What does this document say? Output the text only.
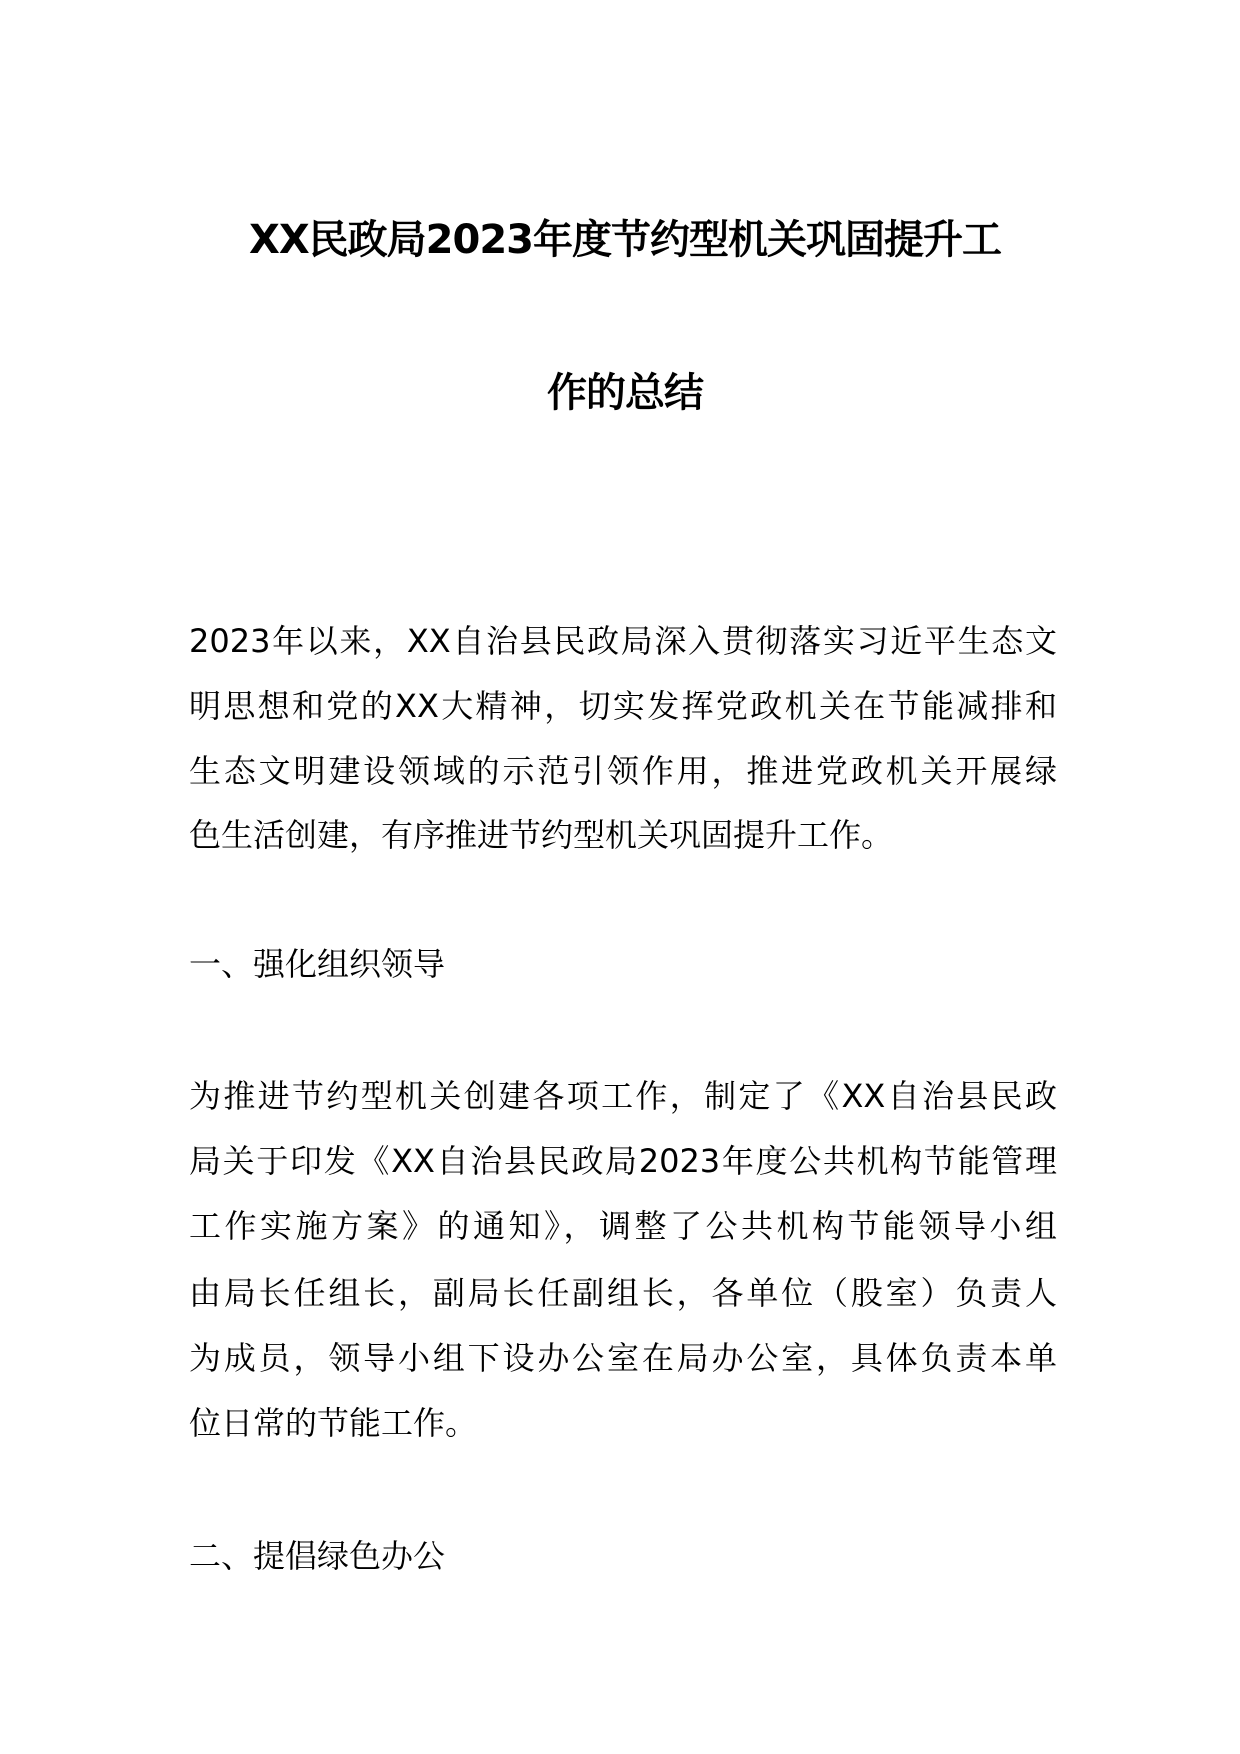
XX民政局2023年度节约型机关巩固提升工
作的总结
2023年以来，XX自治县民政局深入贯彻落实习近平生态文
明思想和党的XX大精神，切实发挥党政机关在节能减排和
生态文明建设领域的示范引领作用，推进党政机关开展绿
色生活创建，有序推进节约型机关巩固提升工作。
一、强化组织领导
为推进节约型机关创建各项工作，制定了《XX自治县民政
局关于印发《XX自治县民政局2023年度公共机构节能管理
工作实施方案》的通知》，调整了公共机构节能领导小组
由局长任组长，副局长任副组长，各单位（股室）负责人
为成员，领导小组下设办公室在局办公室，具体负责本单
位日常的节能工作。
二、提倡绿色办公
